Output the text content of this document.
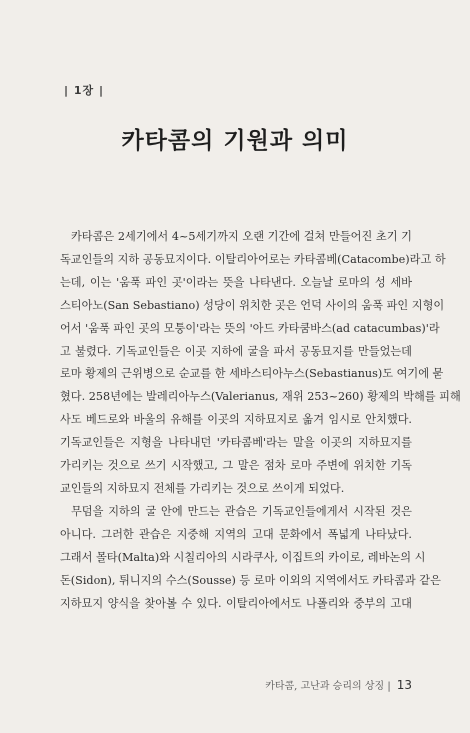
| 1장 |
카타콤의 기원과 의미

카타콤은 2세기에서 4~5세기까지 오랜 기간에 걸쳐 만들어진 초기 기
독교인들의 지하 공동묘지이다. 이탈리아어로는 카타콤베(Catacombe)라고 하
는데, 이는 '움푹 파인 곳'이라는 뜻을 나타낸다. 오늘날 로마의 성 세바
스티아노(San Sebastiano) 성당이 위치한 곳은 언덕 사이의 움푹 파인 지형이
어서 '움푹 파인 곳의 모퉁이'라는 뜻의 '아드 카타쿰바스(ad catacumbas)'라
고 불렸다. 기독교인들은 이곳 지하에 굴을 파서 공동묘지를 만들었는데
로마 황제의 근위병으로 순교를 한 세바스티아누스(Sebastianus)도 여기에 묻
혔다. 258년에는 발레리아누스(Valerianus, 재위 253~260) 황제의 박해를 피해
사도 베드로와 바울의 유해를 이곳의 지하묘지로 옮겨 임시로 안치했다.
기독교인들은 지형을 나타내던 '카타콤베'라는 말을 이곳의 지하묘지를
가리키는 것으로 쓰기 시작했고, 그 말은 점차 로마 주변에 위치한 기독
교인들의 지하묘지 전체를 가리키는 것으로 쓰이게 되었다.

무덤을 지하의 굴 안에 만드는 관습은 기독교인들에게서 시작된 것은
아니다. 그러한 관습은 지중해 지역의 고대 문화에서 폭넓게 나타났다.
그래서 몰타(Malta)와 시칠리아의 시라쿠사, 이집트의 카이로, 레바논의 시
돈(Sidon), 튀니지의 수스(Sousse) 등 로마 이외의 지역에서도 카타콤과 같은
지하묘지 양식을 찾아볼 수 있다. 이탈리아에서도 나폴리와 중부의 고대

카타콤, 고난과 승리의 상징 | 13
